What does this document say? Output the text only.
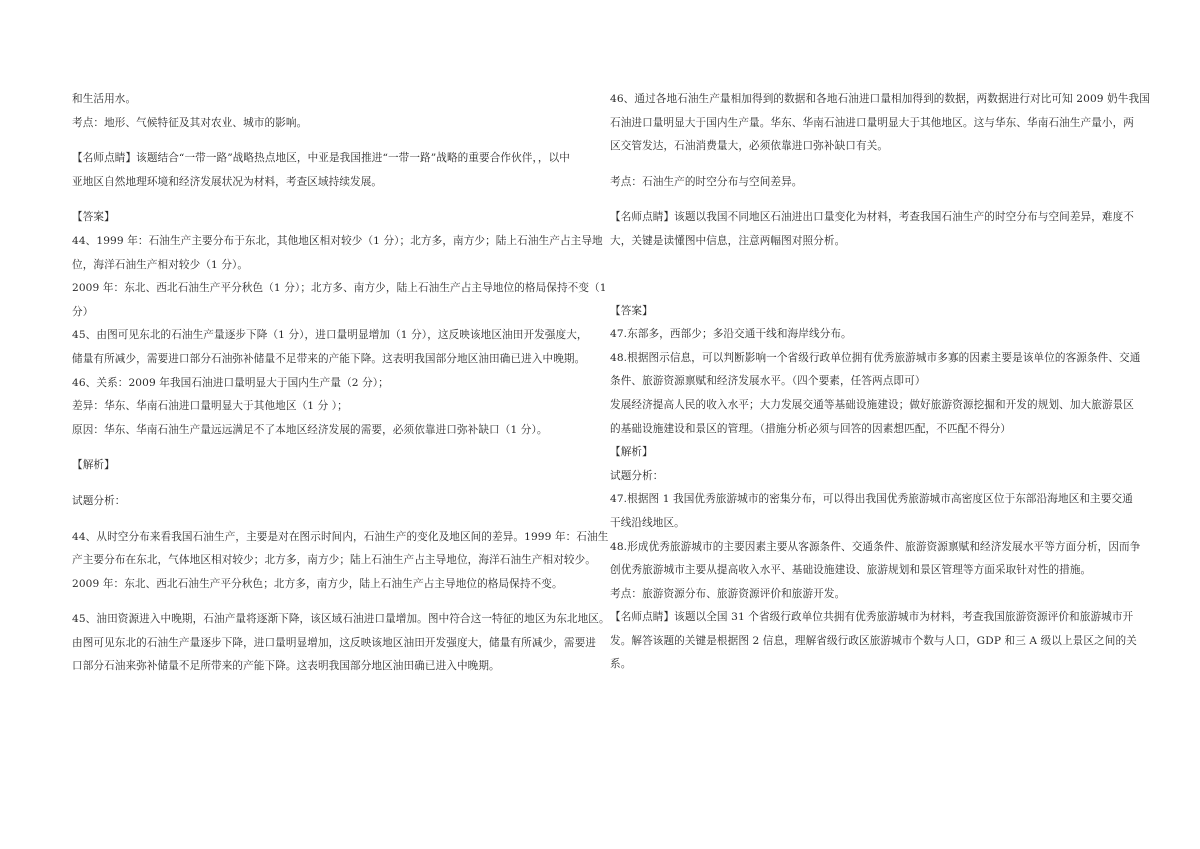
和生活用水。
考点：地形、气候特征及其对农业、城市的影响。
【名师点睛】该题结合“一带一路”战略热点地区，中亚是我国推进“一带一路”战略的重要合作伙伴，，以中
亚地区自然地理环境和经济发展状况为材料，考查区域持续发展。
【答案】
44、1999 年：石油生产主要分布于东北，其他地区相对较少（1 分）；北方多，南方少；陆上石油生产占主导地
位，海洋石油生产相对较少（1 分）。
2009 年：东北、西北石油生产平分秋色（1 分）；北方多、南方少，陆上石油生产占主导地位的格局保持不变（1
分）
45、由图可见东北的石油生产量逐步下降（1 分），进口量明显增加（1 分），这反映该地区油田开发强度大，
储量有所减少，需要进口部分石油弥补储量不足带来的产能下降。这表明我国部分地区油田确已进入中晚期。
46、关系：2009 年我国石油进口量明显大于国内生产量（2 分）；
差异：华东、华南石油进口量明显大于其他地区（1 分 ）；
原因：华东、华南石油生产量远远满足不了本地区经济发展的需要，必须依靠进口弥补缺口（1 分）。
【解析】
试题分析：
44、从时空分布来看我国石油生产，主要是对在图示时间内，石油生产的变化及地区间的差异。1999 年：石油生
产主要分布在东北，气体地区相对较少；北方多，南方少；陆上石油生产占主导地位，海洋石油生产相对较少。
2009 年：东北、西北石油生产平分秋色；北方多，南方少，陆上石油生产占主导地位的格局保持不变。
45、油田资源进入中晚期，石油产量将逐渐下降，该区域石油进口量增加。图中符合这一特征的地区为东北地区。
由图可见东北的石油生产量逐步下降，进口量明显增加，这反映该地区油田开发强度大，储量有所减少，需要进
口部分石油来弥补储量不足所带来的产能下降。这表明我国部分地区油田确已进入中晚期。
46、通过各地石油生产量相加得到的数据和各地石油进口量相加得到的数据，两数据进行对比可知 2009 奶牛我国
石油进口量明显大于国内生产量。华东、华南石油进口量明显大于其他地区。这与华东、华南石油生产量小，两
区交管发达，石油消费量大，必须依靠进口弥补缺口有关。
考点：石油生产的时空分布与空间差异。
【名师点睛】该题以我国不同地区石油进出口量变化为材料，考查我国石油生产的时空分布与空间差异，难度不
大，关键是读懂图中信息，注意两幅图对照分析。
【答案】
47.东部多，西部少；多沿交通干线和海岸线分布。
48.根据图示信息，可以判断影响一个省级行政单位拥有优秀旅游城市多寡的因素主要是该单位的客源条件、交通
条件、旅游资源禀赋和经济发展水平。（四个要素，任答两点即可）
发展经济提高人民的收入水平；大力发展交通等基础设施建设；做好旅游资源挖掘和开发的规划、加大旅游景区
的基础设施建设和景区的管理。（措施分析必须与回答的因素想匹配，不匹配不得分）
【解析】
试题分析：
47.根据图 1 我国优秀旅游城市的密集分布，可以得出我国优秀旅游城市高密度区位于东部沿海地区和主要交通
干线沿线地区。
48.形成优秀旅游城市的主要因素主要从客源条件、交通条件、旅游资源禀赋和经济发展水平等方面分析，因而争
创优秀旅游城市主要从提高收入水平、基础设施建设、旅游规划和景区管理等方面采取针对性的措施。
考点：旅游资源分布、旅游资源评价和旅游开发。
【名师点睛】该题以全国 31 个省级行政单位共拥有优秀旅游城市为材料，考查我国旅游资源评价和旅游城市开
发。解答该题的关键是根据图 2 信息，理解省级行政区旅游城市个数与人口，GDP 和三 A 级以上景区之间的关
系。
